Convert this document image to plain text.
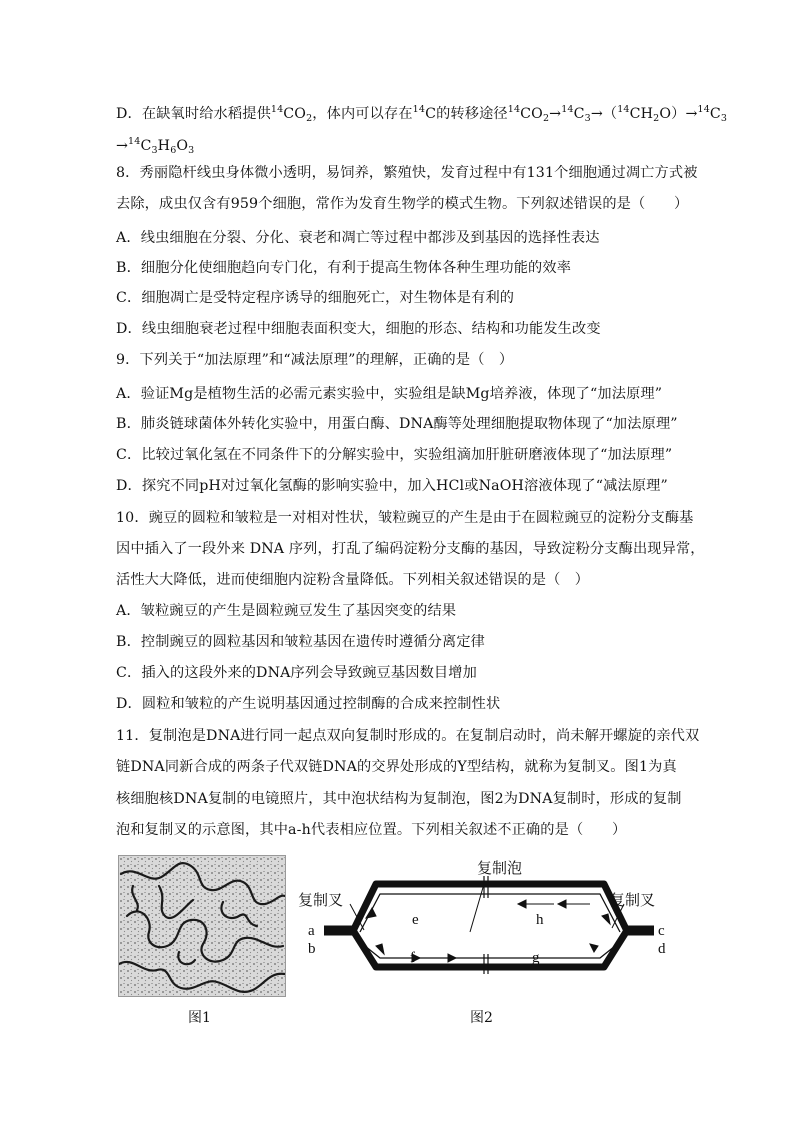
D．在缺氧时给水稻提供$^{14}CO_2$，体内可以存在$^{14}$C的转移途径$^{14}CO_2\to^{14}C_3\to(^{14}CH_2O)\to^{14}C_3$
$\to^{14}C_3H_6O_3$
8．秀丽隐杆线虫身体微小透明，易饲养，繁殖快，发育过程中有131个细胞通过凋亡方式被
去除，成虫仅含有959个细胞，常作为发育生物学的模式生物。下列叙述错误的是（　　）
A．线虫细胞在分裂、分化、衰老和凋亡等过程中都涉及到基因的选择性表达
B．细胞分化使细胞趋向专门化，有利于提高生物体各种生理功能的效率
C．细胞凋亡是受特定程序诱导的细胞死亡，对生物体是有利的
D．线虫细胞衰老过程中细胞表面积变大，细胞的形态、结构和功能发生改变
9．下列关于“加法原理”和“减法原理”的理解，正确的是（　）
A．验证Mg是植物生活的必需元素实验中，实验组是缺Mg培养液，体现了“加法原理”
B．肺炎链球菌体外转化实验中，用蛋白酶、DNA酶等处理细胞提取物体现了“加法原理”
C．比较过氧化氢在不同条件下的分解实验中，实验组滴加肝脏研磨液体现了“加法原理”
D．探究不同pH对过氧化氢酶的影响实验中，加入HCl或NaOH溶液体现了“减法原理”
10．豌豆的圆粒和皱粒是一对相对性状，皱粒豌豆的产生是由于在圆粒豌豆的淀粉分支酶基
因中插入了一段外来 DNA 序列，打乱了编码淀粉分支酶的基因，导致淀粉分支酶出现异常，
活性大大降低，进而使细胞内淀粉含量降低。下列相关叙述错误的是（　）
A．皱粒豌豆的产生是圆粒豌豆发生了基因突变的结果
B．控制豌豆的圆粒基因和皱粒基因在遗传时遵循分离定律
C．插入的这段外来的DNA序列会导致豌豆基因数目增加
D．圆粒和皱粒的产生说明基因通过控制酶的合成来控制性状
11．复制泡是DNA进行同一起点双向复制时形成的。在复制启动时，尚未解开螺旋的亲代双
链DNA同新合成的两条子代双链DNA的交界处形成的Y型结构，就称为复制叉。图1为真
核细胞核DNA复制的电镜照片，其中泡状结构为复制泡，图2为DNA复制时，形成的复制
泡和复制叉的示意图，其中a-h代表相应位置。下列相关叙述不正确的是（　　）
图1
复制泡
复制叉	复制叉
a
b
c
d
e
f	g
h
图2
